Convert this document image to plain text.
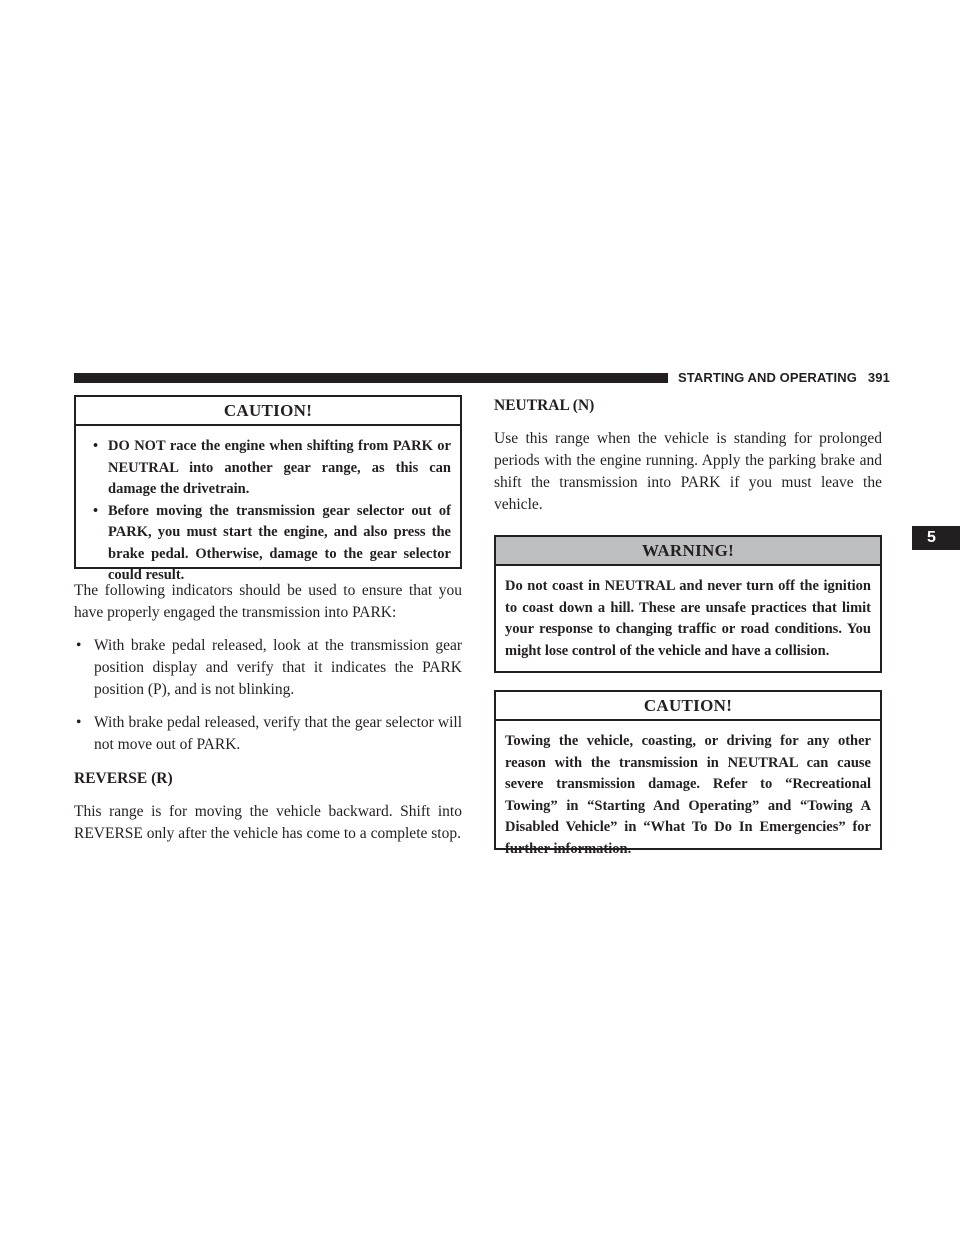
STARTING AND OPERATING 391
5
CAUTION!
• DO NOT race the engine when shifting from PARK or NEUTRAL into another gear range, as this can damage the drivetrain.
• Before moving the transmission gear selector out of PARK, you must start the engine, and also press the brake pedal. Otherwise, damage to the gear selector could result.

The following indicators should be used to ensure that you have properly engaged the transmission into PARK:

• With brake pedal released, look at the transmission gear position display and verify that it indicates the PARK position (P), and is not blinking.
• With brake pedal released, verify that the gear selector will not move out of PARK.
REVERSE (R)

This range is for moving the vehicle backward. Shift into REVERSE only after the vehicle has come to a complete stop.

NEUTRAL (N)

Use this range when the vehicle is standing for prolonged periods with the engine running. Apply the parking brake and shift the transmission into PARK if you must leave the vehicle.

WARNING!
Do not coast in NEUTRAL and never turn off the ignition to coast down a hill. These are unsafe practices that limit your response to changing traffic or road conditions. You might lose control of the vehicle and have a collision.
CAUTION!
Towing the vehicle, coasting, or driving for any other reason with the transmission in NEUTRAL can cause severe transmission damage. Refer to “Recreational Towing” in “Starting And Operating” and “Towing A Disabled Vehicle” in “What To Do In Emergencies” for further information.
